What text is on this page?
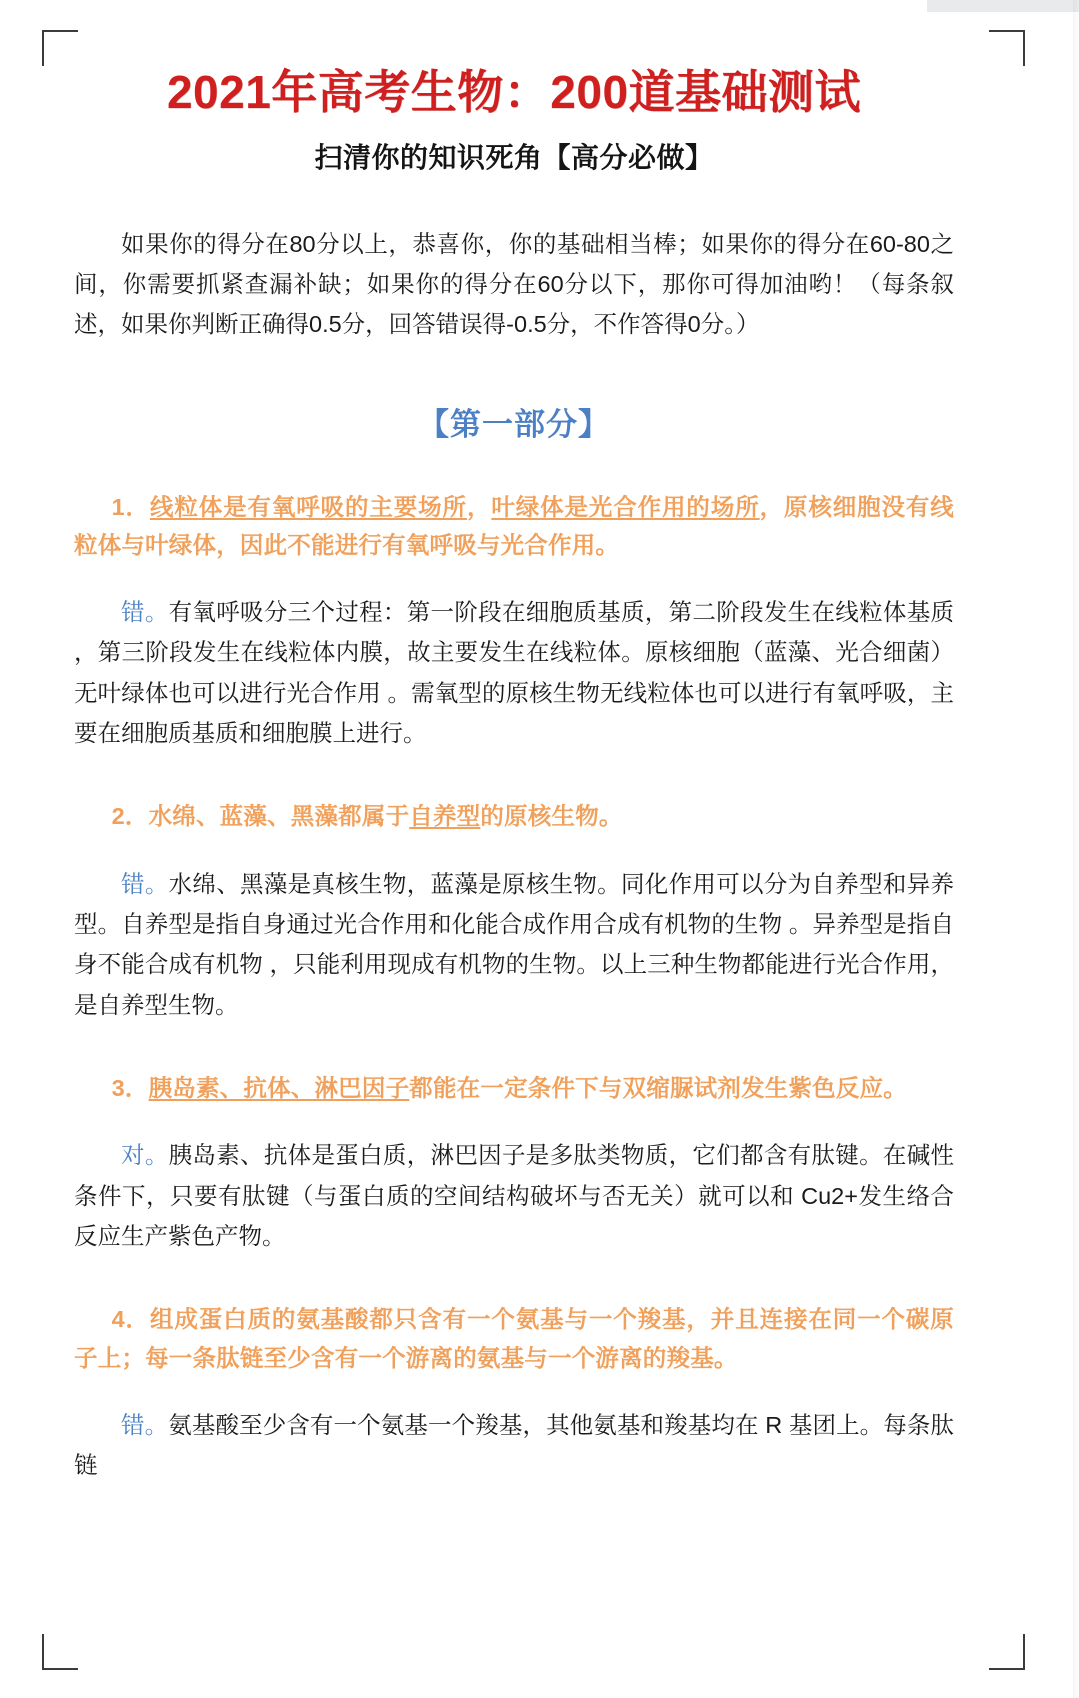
2021年高考生物：200道基础测试
扫清你的知识死角【高分必做】

如果你的得分在80分以上，恭喜你，你的基础相当棒；如果你的得分在60-80之间，你需要抓紧查漏补缺；如果你的得分在60分以下，那你可得加油哟！（每条叙述，如果你判断正确得0.5分，回答错误得-0.5分，不作答得0分。）

【第一部分】

1．线粒体是有氧呼吸的主要场所，叶绿体是光合作用的场所，原核细胞没有线粒体与叶绿体，因此不能进行有氧呼吸与光合作用。

错。有氧呼吸分三个过程：第一阶段在细胞质基质，第二阶段发生在线粒体基质 ，第三阶段发生在线粒体内膜，故主要发生在线粒体。原核细胞（蓝藻、光合细菌）无叶绿体也可以进行光合作用 。需氧型的原核生物无线粒体也可以进行有氧呼吸，主要在细胞质基质和细胞膜上进行。

2．水绵、蓝藻、黑藻都属于自养型的原核生物。

错。水绵、黑藻是真核生物，蓝藻是原核生物。同化作用可以分为自养型和异养型。自养型是指自身通过光合作用和化能合成作用合成有机物的生物 。异养型是指自身不能合成有机物 ，只能利用现成有机物的生物。以上三种生物都能进行光合作用，是自养型生物。

3．胰岛素、抗体、淋巴因子都能在一定条件下与双缩脲试剂发生紫色反应。

对。胰岛素、抗体是蛋白质，淋巴因子是多肽类物质，它们都含有肽键。在碱性条件下，只要有肽键（与蛋白质的空间结构破坏与否无关）就可以和 Cu2+发生络合反应生产紫色产物。

4．组成蛋白质的氨基酸都只含有一个氨基与一个羧基，并且连接在同一个碳原子上；每一条肽链至少含有一个游离的氨基与一个游离的羧基。

错。氨基酸至少含有一个氨基一个羧基，其他氨基和羧基均在 R 基团上。每条肽链
